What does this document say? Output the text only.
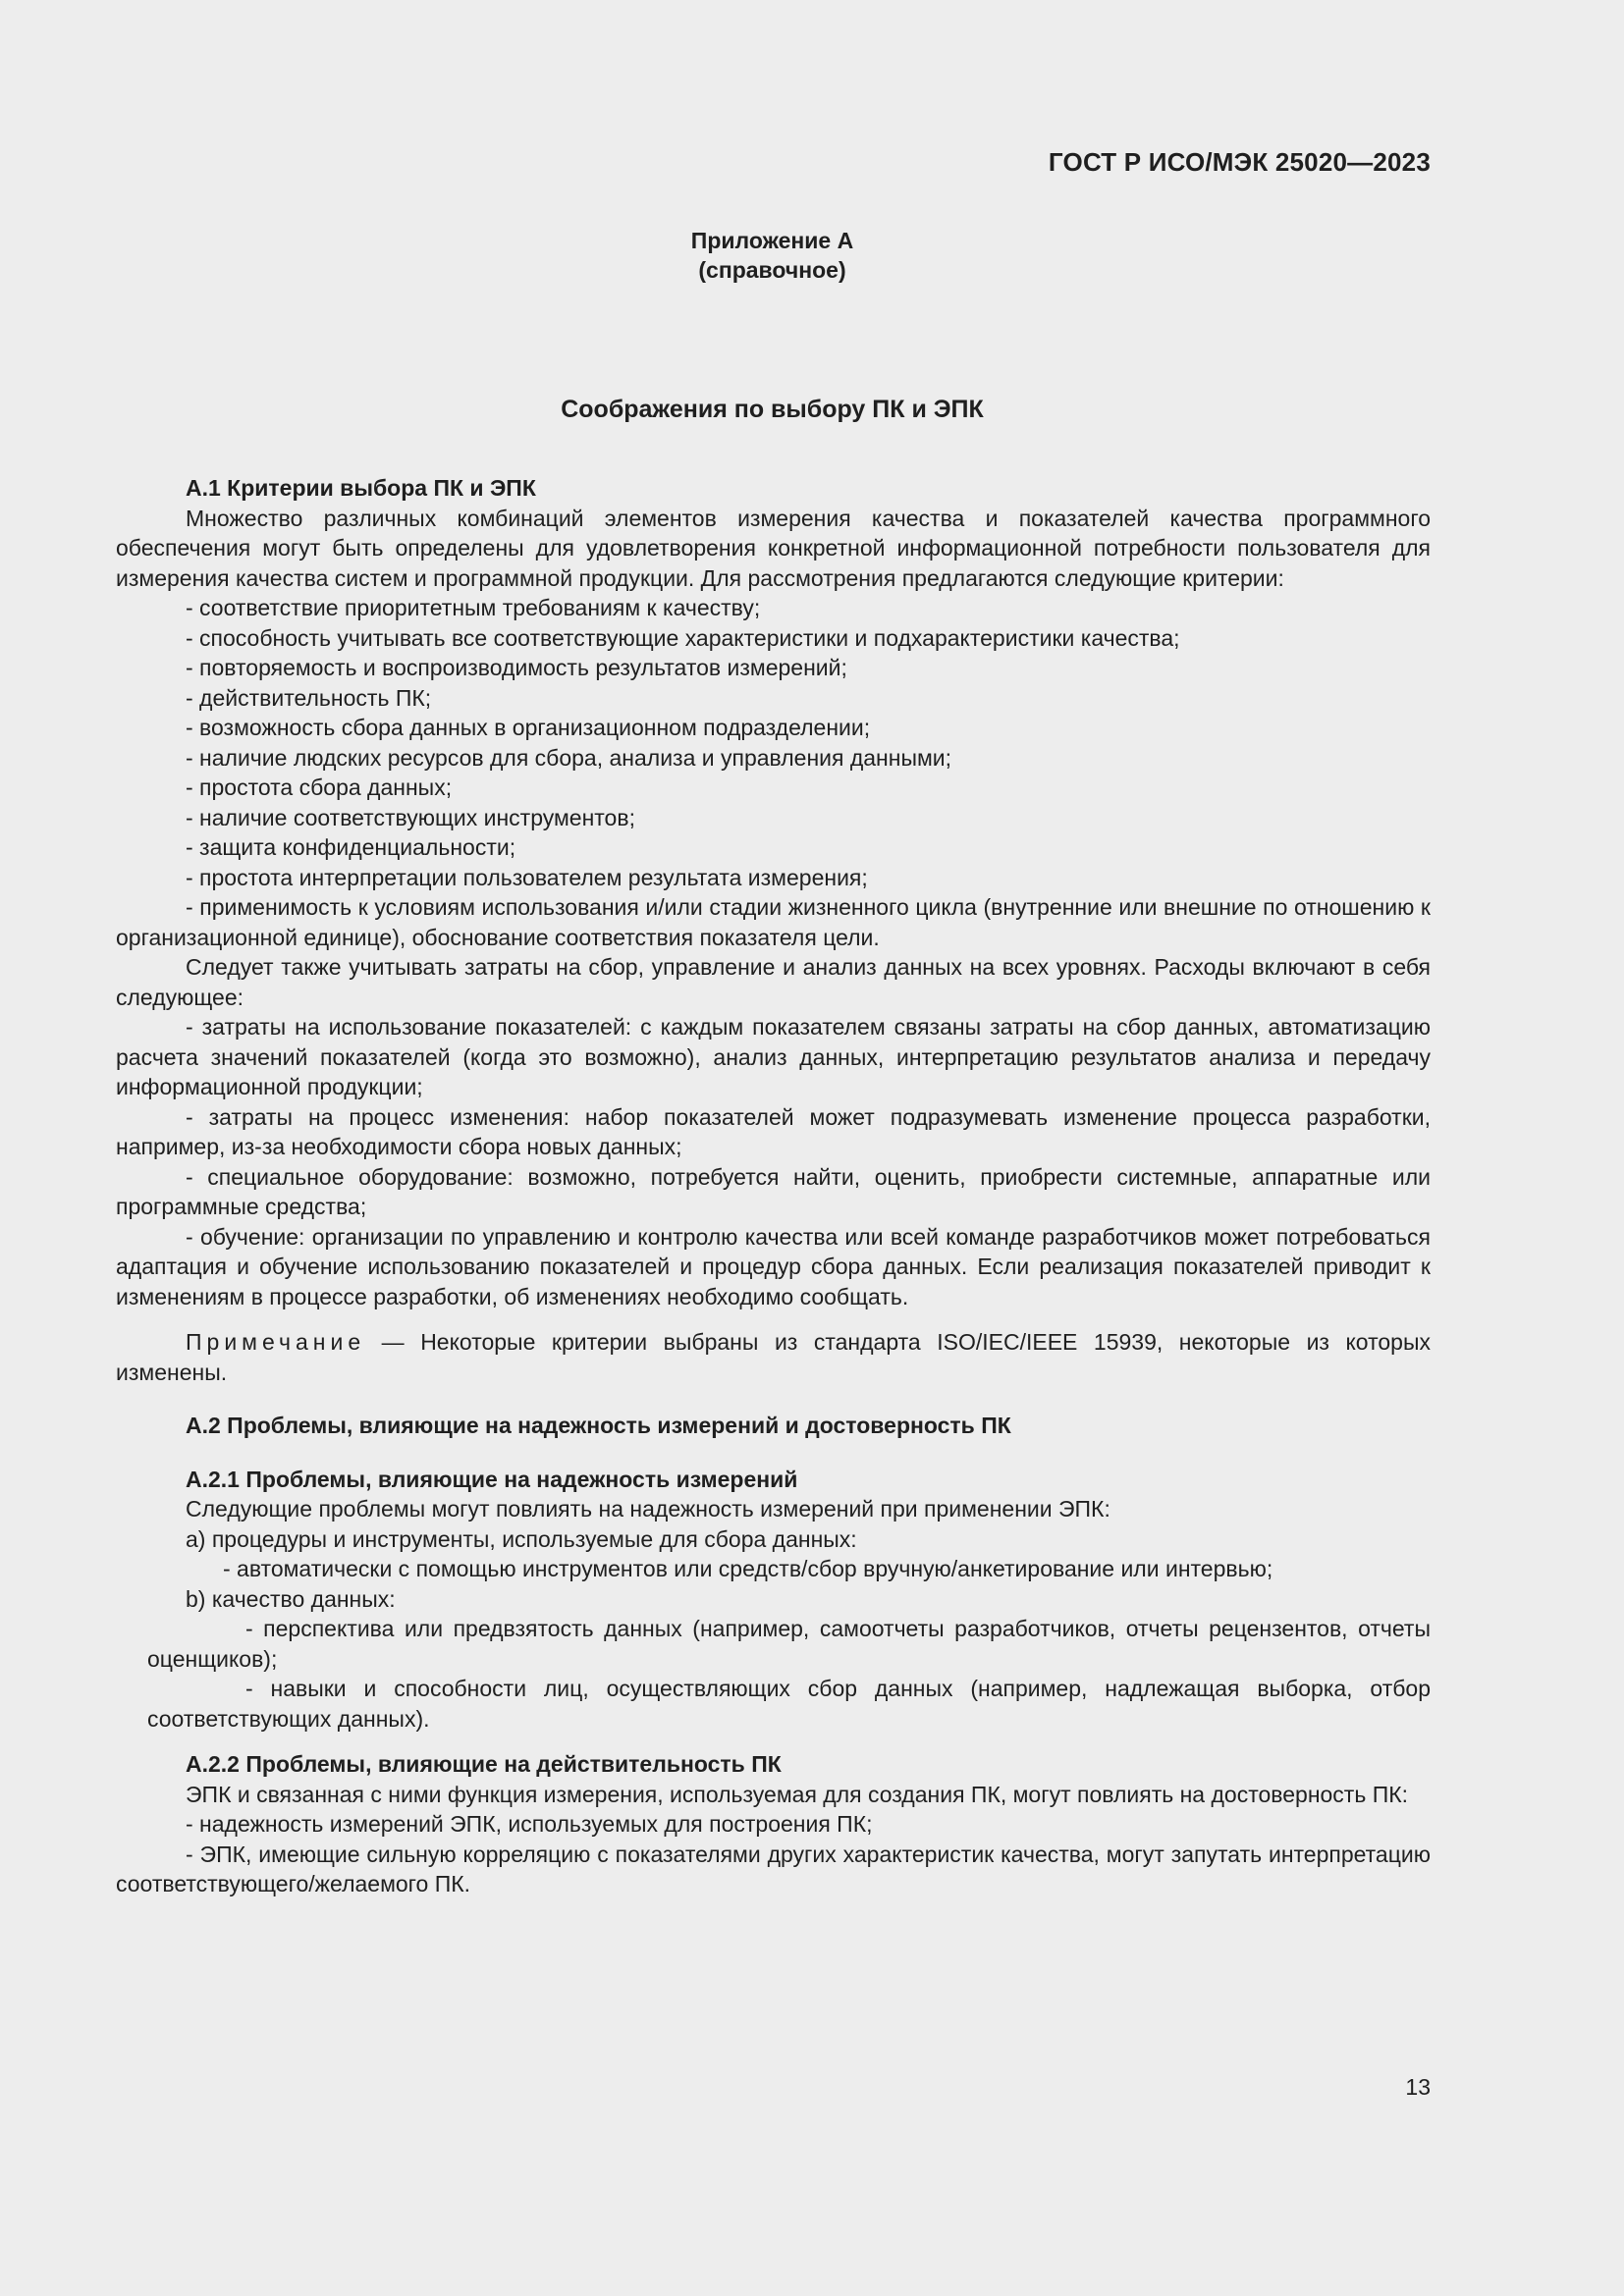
ГОСТ Р ИСО/МЭК 25020—2023
Приложение А
(справочное)
Соображения по выбору ПК и ЭПК

А.1 Критерии выбора ПК и ЭПК

Множество различных комбинаций элементов измерения качества и показателей качества программного обеспечения могут быть определены для удовлетворения конкретной информационной потребности пользователя для измерения качества систем и программной продукции. Для рассмотрения предлагаются следующие критерии:

- соответствие приоритетным требованиям к качеству;

- способность учитывать все соответствующие характеристики и подхарактеристики качества;

- повторяемость и воспроизводимость результатов измерений;

- действительность ПК;

- возможность сбора данных в организационном подразделении;

- наличие людских ресурсов для сбора, анализа и управления данными;

- простота сбора данных;

- наличие соответствующих инструментов;

- защита конфиденциальности;

- простота интерпретации пользователем результата измерения;

- применимость к условиям использования и/или стадии жизненного цикла (внутренние или внешние по отношению к организационной единице), обоснование соответствия показателя цели.

Следует также учитывать затраты на сбор, управление и анализ данных на всех уровнях. Расходы включают в себя следующее:

- затраты на использование показателей: с каждым показателем связаны затраты на сбор данных, автоматизацию расчета значений показателей (когда это возможно), анализ данных, интерпретацию результатов анализа и передачу информационной продукции;

- затраты на процесс изменения: набор показателей может подразумевать изменение процесса разработки, например, из-за необходимости сбора новых данных;

- специальное оборудование: возможно, потребуется найти, оценить, приобрести системные, аппаратные или программные средства;

- обучение: организации по управлению и контролю качества или всей команде разработчиков может потребоваться адаптация и обучение использованию показателей и процедур сбора данных. Если реализация показателей приводит к изменениям в процессе разработки, об изменениях необходимо сообщать.

Примечание — Некоторые критерии выбраны из стандарта ISO/IEC/IEEE 15939, некоторые из которых изменены.

А.2 Проблемы, влияющие на надежность измерений и достоверность ПК

А.2.1 Проблемы, влияющие на надежность измерений

Следующие проблемы могут повлиять на надежность измерений при применении ЭПК:

a) процедуры и инструменты, используемые для сбора данных:

- автоматически с помощью инструментов или средств/сбор вручную/анкетирование или интервью;

b) качество данных:

- перспектива или предвзятость данных (например, самоотчеты разработчиков, отчеты рецензентов, отчеты оценщиков);

- навыки и способности лиц, осуществляющих сбор данных (например, надлежащая выборка, отбор соответствующих данных).

А.2.2 Проблемы, влияющие на действительность ПК

ЭПК и связанная с ними функция измерения, используемая для создания ПК, могут повлиять на достоверность ПК:

- надежность измерений ЭПК, используемых для построения ПК;

- ЭПК, имеющие сильную корреляцию с показателями других характеристик качества, могут запутать интерпретацию соответствующего/желаемого ПК.

13
